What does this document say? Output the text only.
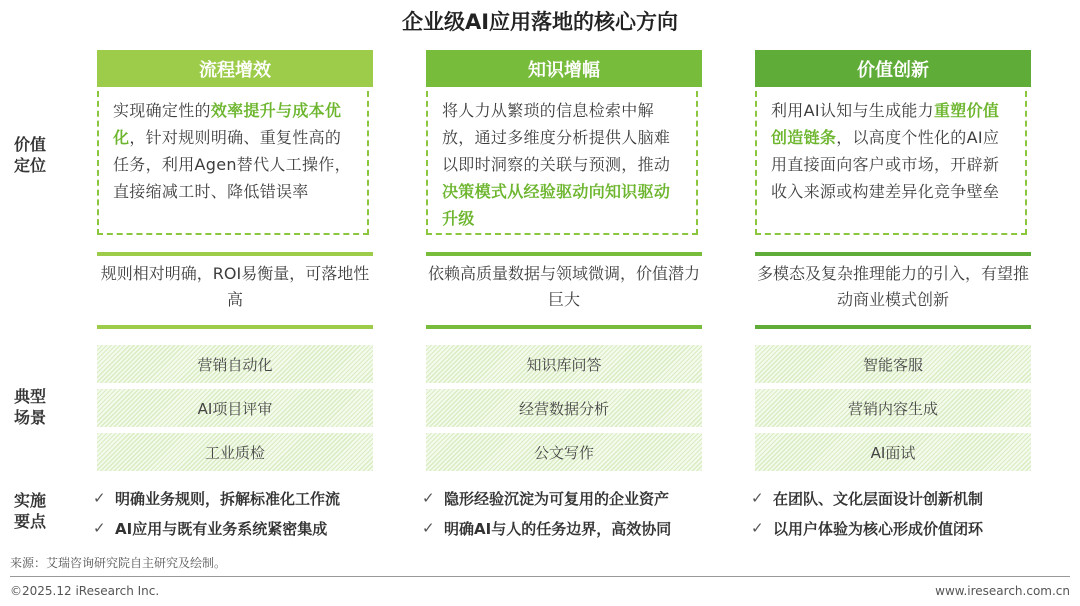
企业级AI应用落地的核心方向
价值
定位
典型
场景
实施
要点
流程增效
实现确定性的效率提升与成本优化，针对规则明确、重复性高的任务，利用Agen替代人工操作，直接缩减工时、降低错误率
规则相对明确，ROI易衡量，可落地性高
营销自动化
AI项目评审
工业质检
✓ 明确业务规则，拆解标准化工作流
✓ AI应用与既有业务系统紧密集成
知识增幅
将人力从繁琐的信息检索中解放，通过多维度分析提供人脑难以即时洞察的关联与预测，推动决策模式从经验驱动向知识驱动升级
依赖高质量数据与领域微调，价值潜力巨大
知识库问答
经营数据分析
公文写作
✓ 隐形经验沉淀为可复用的企业资产
✓ 明确AI与人的任务边界，高效协同
价值创新
利用AI认知与生成能力重塑价值创造链条，以高度个性化的AI应用直接面向客户或市场，开辟新收入来源或构建差异化竞争壁垒
多模态及复杂推理能力的引入，有望推动商业模式创新
智能客服
营销内容生成
AI面试
✓ 在团队、文化层面设计创新机制
✓ 以用户体验为核心形成价值闭环
来源：艾瑞咨询研究院自主研究及绘制。
©2025.12 iResearch Inc.	www.iresearch.com.cn
